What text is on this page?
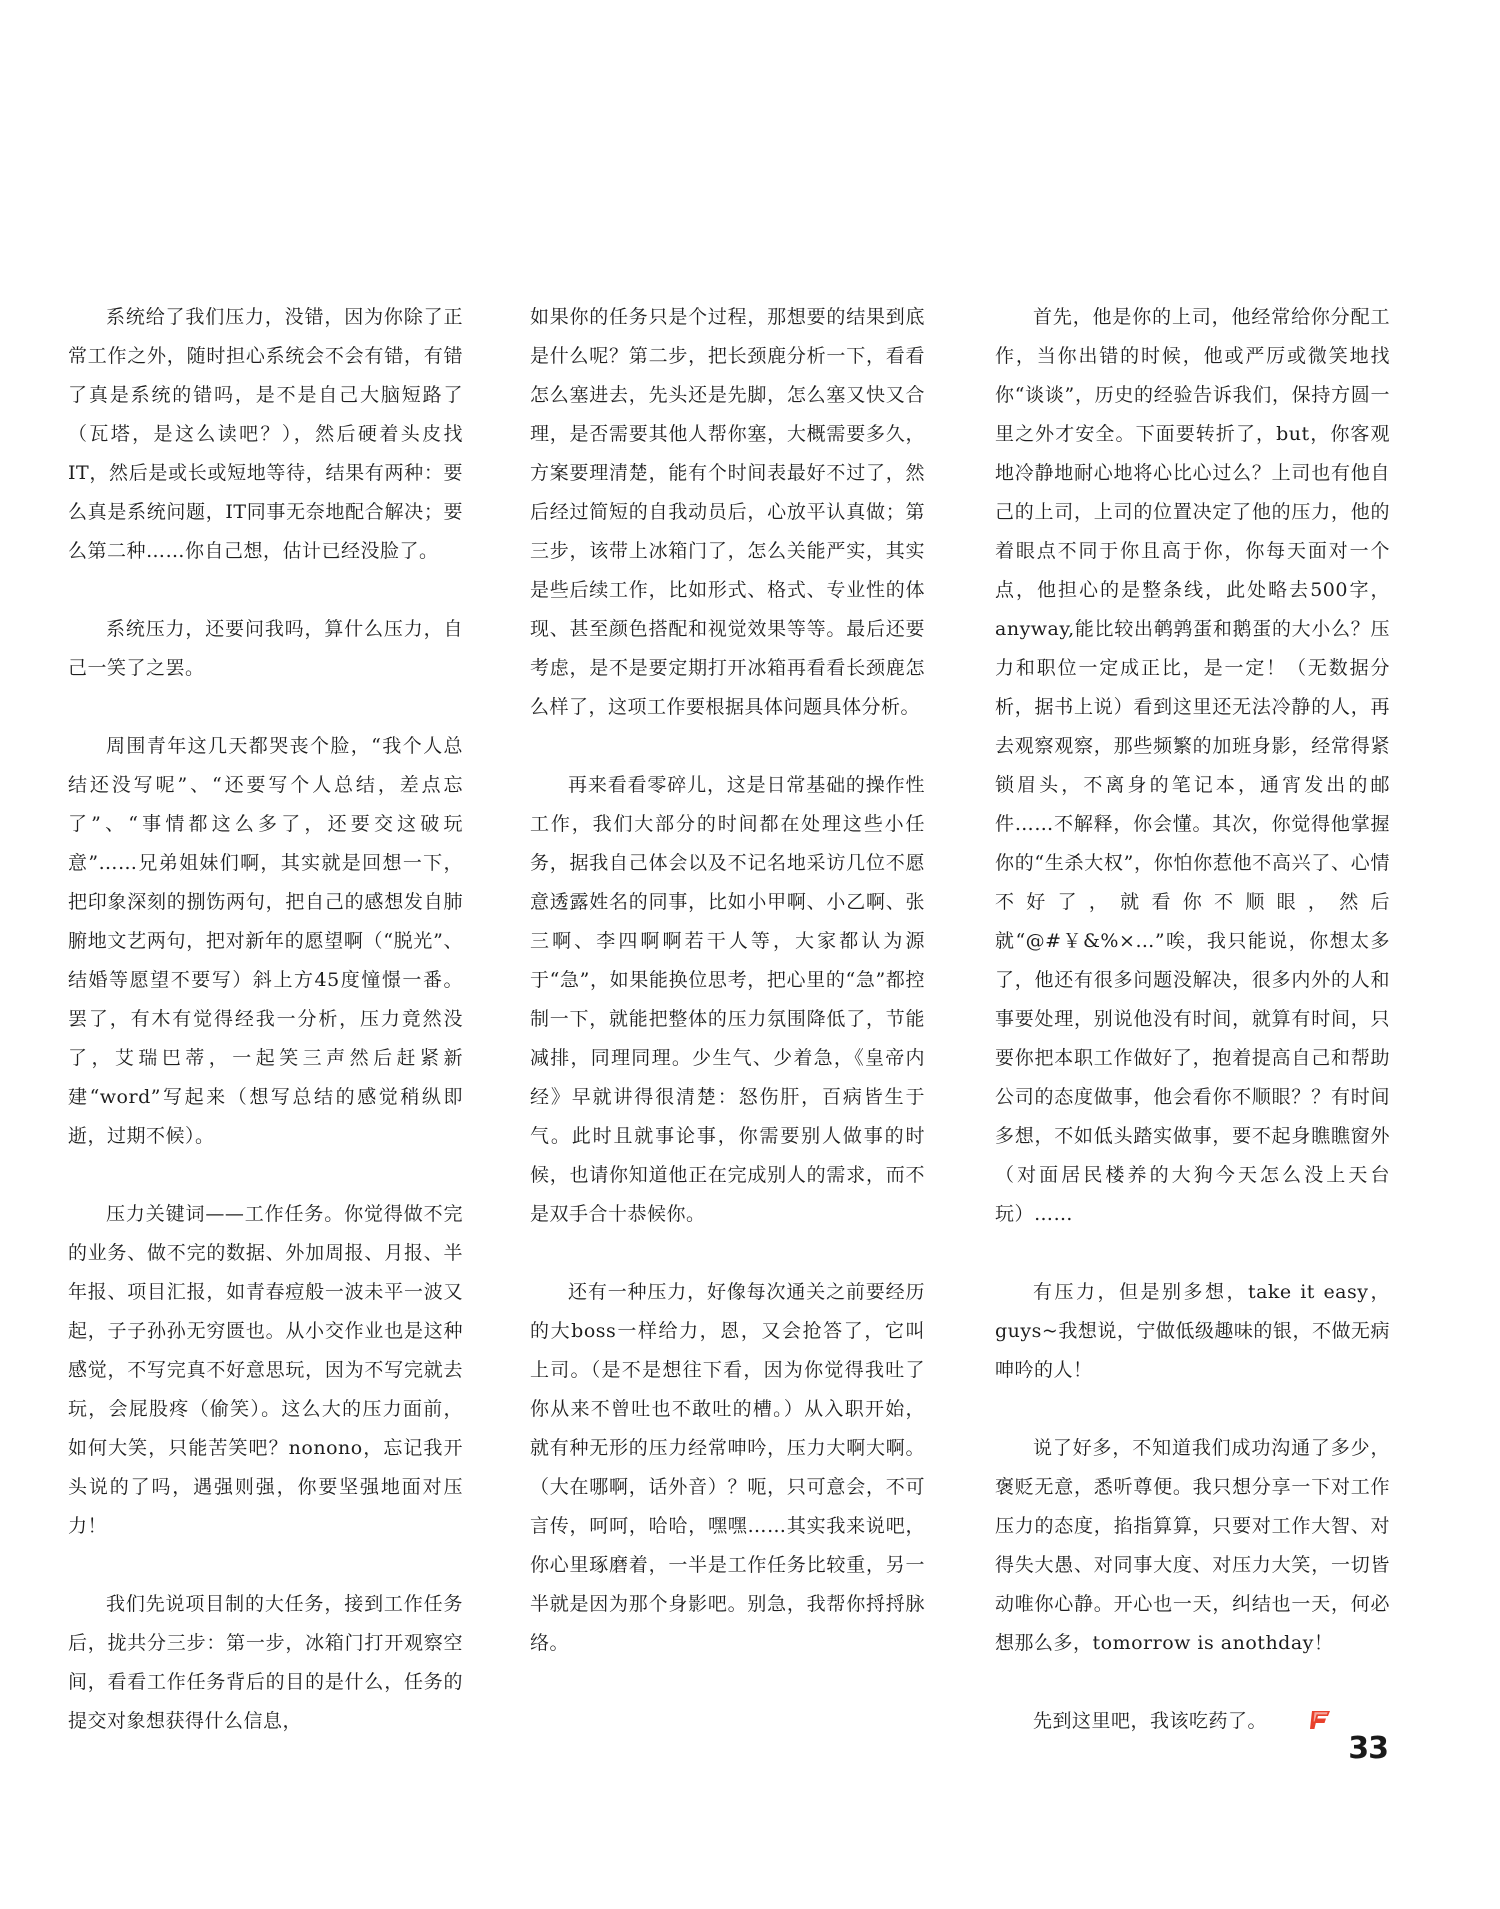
系统给了我们压力，没错，因为你除了正常工作之外，随时担心系统会不会有错，有错了真是系统的错吗，是不是自己大脑短路了（瓦塔，是这么读吧？），然后硬着头皮找IT，然后是或长或短地等待，结果有两种：要么真是系统问题，IT同事无奈地配合解决；要么第二种……你自己想，估计已经没脸了。

系统压力，还要问我吗，算什么压力，自己一笑了之罢。

周围青年这几天都哭丧个脸，“我个人总结还没写呢”、“还要写个人总结，差点忘了”、“事情都这么多了，还要交这破玩意”……兄弟姐妹们啊，其实就是回想一下，把印象深刻的捌饬两句，把自己的感想发自肺腑地文艺两句，把对新年的愿望啊（“脱光”、结婚等愿望不要写）斜上方45度憧憬一番。罢了，有木有觉得经我一分析，压力竟然没了，艾瑞巴蒂，一起笑三声然后赶紧新建“word”写起来（想写总结的感觉稍纵即逝，过期不候）。

压力关键词——工作任务。你觉得做不完的业务、做不完的数据、外加周报、月报、半年报、项目汇报，如青春痘般一波未平一波又起，子子孙孙无穷匮也。从小交作业也是这种感觉，不写完真不好意思玩，因为不写完就去玩，会屁股疼（偷笑）。这么大的压力面前，如何大笑，只能苦笑吧？nonono，忘记我开头说的了吗，遇强则强，你要坚强地面对压力！

我们先说项目制的大任务，接到工作任务后，拢共分三步：第一步，冰箱门打开观察空间，看看工作任务背后的目的是什么，任务的提交对象想获得什么信息，

如果你的任务只是个过程，那想要的结果到底是什么呢？第二步，把长颈鹿分析一下，看看怎么塞进去，先头还是先脚，怎么塞又快又合理，是否需要其他人帮你塞，大概需要多久，方案要理清楚，能有个时间表最好不过了，然后经过简短的自我动员后，心放平认真做；第三步，该带上冰箱门了，怎么关能严实，其实是些后续工作，比如形式、格式、专业性的体现、甚至颜色搭配和视觉效果等等。最后还要考虑，是不是要定期打开冰箱再看看长颈鹿怎么样了，这项工作要根据具体问题具体分析。

再来看看零碎儿，这是日常基础的操作性工作，我们大部分的时间都在处理这些小任务，据我自己体会以及不记名地采访几位不愿意透露姓名的同事，比如小甲啊、小乙啊、张三啊、李四啊啊若干人等，大家都认为源于“急”，如果能换位思考，把心里的“急”都控制一下，就能把整体的压力氛围降低了，节能减排，同理同理。少生气、少着急，《皇帝内经》早就讲得很清楚：怒伤肝，百病皆生于气。此时且就事论事，你需要别人做事的时候，也请你知道他正在完成别人的需求，而不是双手合十恭候你。

还有一种压力，好像每次通关之前要经历的大boss一样给力，恩，又会抢答了，它叫上司。（是不是想往下看，因为你觉得我吐了你从来不曾吐也不敢吐的槽。）从入职开始，就有种无形的压力经常呻吟，压力大啊大啊。（大在哪啊，话外音）？呃，只可意会，不可言传，呵呵，哈哈，嘿嘿……其实我来说吧，你心里琢磨着，一半是工作任务比较重，另一半就是因为那个身影吧。别急，我帮你捋捋脉络。

首先，他是你的上司，他经常给你分配工作，当你出错的时候，他或严厉或微笑地找你“谈谈”，历史的经验告诉我们，保持方圆一里之外才安全。下面要转折了，but，你客观地冷静地耐心地将心比心过么？上司也有他自己的上司，上司的位置决定了他的压力，他的着眼点不同于你且高于你，你每天面对一个点，他担心的是整条线，此处略去500字，anyway,能比较出鹌鹑蛋和鹅蛋的大小么？压力和职位一定成正比，是一定！（无数据分析，据书上说）看到这里还无法冷静的人，再去观察观察，那些频繁的加班身影，经常得紧锁眉头，不离身的笔记本，通宵发出的邮件……不解释，你会懂。其次，你觉得他掌握你的“生杀大权”，你怕你惹他不高兴了、心情不好了，就看你不顺眼，然后就“@#￥&%×…”唉，我只能说，你想太多了，他还有很多问题没解决，很多内外的人和事要处理，别说他没有时间，就算有时间，只要你把本职工作做好了，抱着提高自己和帮助公司的态度做事，他会看你不顺眼？？有时间多想，不如低头踏实做事，要不起身瞧瞧窗外（对面居民楼养的大狗今天怎么没上天台玩）……

有压力，但是别多想，take it easy，guys~我想说，宁做低级趣味的银，不做无病呻吟的人！

说了好多，不知道我们成功沟通了多少，褒贬无意，悉听尊便。我只想分享一下对工作压力的态度，掐指算算，只要对工作大智、对得失大愚、对同事大度、对压力大笑，一切皆动唯你心静。开心也一天，纠结也一天，何必想那么多，tomorrow is anothday！

先到这里吧，我该吃药了。

33
